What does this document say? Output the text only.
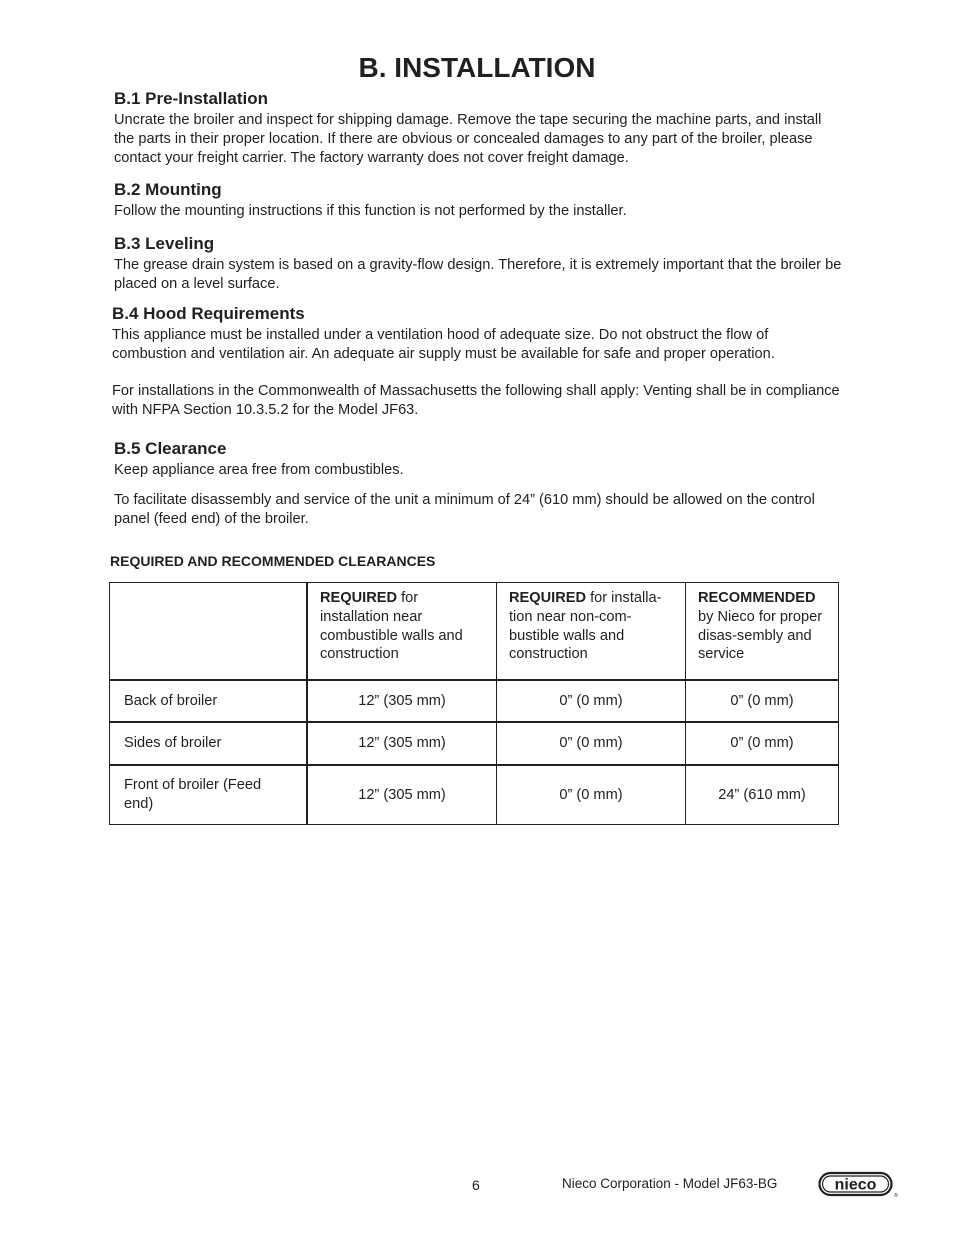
B. INSTALLATION
B.1 Pre-Installation

Uncrate the broiler and inspect for shipping damage. Remove the tape securing the machine parts, and install the parts in their proper location. If there are obvious or concealed damages to any part of the broiler, please contact your freight carrier. The factory warranty does not cover freight damage.

B.2 Mounting

Follow the mounting instructions if this function is not performed by the installer.

B.3 Leveling

The grease drain system is based on a gravity-flow design. Therefore, it is extremely important that the broiler be placed on a level surface.

B.4 Hood Requirements

This appliance must be installed under a ventilation hood of adequate size. Do not obstruct the flow of combustion and ventilation air. An adequate air supply must be available for safe and proper operation.

For installations in the Commonwealth of Massachusetts the following shall apply: Venting shall be in compliance with NFPA Section 10.3.5.2 for the Model JF63.

B.5 Clearance

Keep appliance area free from combustibles.

To facilitate disassembly and service of the unit a minimum of 24” (610 mm) should be allowed on the control panel (feed end) of the broiler.

REQUIRED AND RECOMMENDED CLEARANCES

	REQUIRED for installation near combustible walls and construction	REQUIRED for installa-tion near non-com-bustible walls and construction	RECOMMENDED by Nieco for proper disas-sembly and service
Back of broiler	12” (305 mm)	0” (0 mm)	0” (0 mm)
Sides of broiler	12” (305 mm)	0” (0 mm)	0” (0 mm)
Front of broiler (Feed end)	12” (305 mm)	0” (0 mm)	24” (610 mm)
6	Nieco Corporation - Model JF63-BG	nieco
®
